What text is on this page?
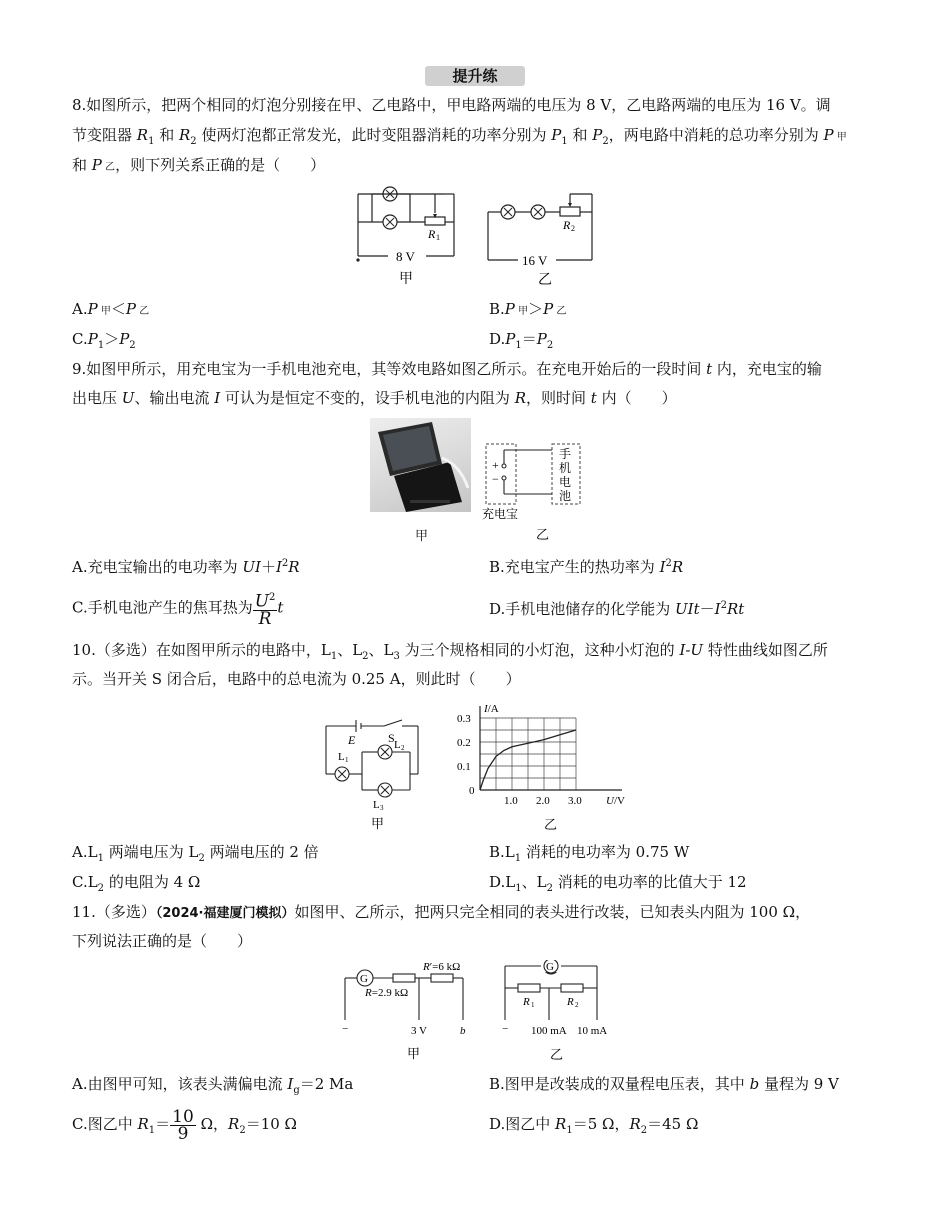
提升练
8.如图所示，把两个相同的灯泡分别接在甲、乙电路中，甲电路两端的电压为 8 V，乙电路两端的电压为 16 V。调
节变阻器 $R_1$ 和 $R_2$ 使两灯泡都正常发光，此时变阻器消耗的功率分别为 $P_1$ 和 $P_2$，两电路中消耗的总功率分别为 P 甲
和 P 乙，则下列关系正确的是（　　）
8 V	16 V
R 1
R 2
甲	乙
A.P 甲＜P 乙	B.P 甲＞P 乙
$C.P_1>P_2$	$D.P_1=P_2$
9.如图甲所示，用充电宝为一手机电池充电，其等效电路如图乙所示。在充电开始后的一段时间 t 内，充电宝的输
出电压 U、输出电流 I 可认为是恒定不变的，设手机电池的内阻为 R，则时间 t 内（　　）
+
−
手
机
电
池
充电宝
乙
甲
A.充电宝输出的电功率为 $UI+I^2R$	B.充电宝产生的热功率为 $I^2R$
C.手机电池产生的焦耳热为 $\frac{U^2}{R}$ t	D.手机电池储存的化学能为 $UIt-I^2Rt$
10.（多选）在如图甲所示的电路中，$L_1$、$L_2$、$L_3$ 为三个规格相同的小灯泡，这种小灯泡的 I-U 特性曲线如图乙所
示。当开关 S 闭合后，电路中的总电流为 0.25 A，则此时（　　）
E	S
L 1
L 2
L 3
甲
I/A
U/V
0
1.0 2.0 3.0
0.1
0.2
0.3
乙
$A.L_1$ 两端电压为 $L_2$ 两端电压的 2 倍	$B.L_1$ 消耗的电功率为 0.75 W
$C.L_2$ 的电阻为 4 Ω	$D.L_1$、$L_2$ 消耗的电功率的比值大于 12
11.（多选）（2024·福建厦门模拟）如图甲、乙所示，把两只完全相同的表头进行改装，已知表头内阻为 100 Ω，
下列说法正确的是（　　）
G
G
R=2.9 kΩ
R′=6 kΩ
−	3 V	b
甲
R 1	R 2
− 100 mA 10 mA
乙
A.由图甲可知，该表头满偏电流 $I_g=2$ Ma	B.图甲是改装成的双量程电压表，其中 b 量程为 9 V
C.图乙中 $R_1= \frac{10}{9}$ Ω，$R_2=10$ Ω	D.图乙中 $R_1=5$ Ω，$R_2=45$ Ω
